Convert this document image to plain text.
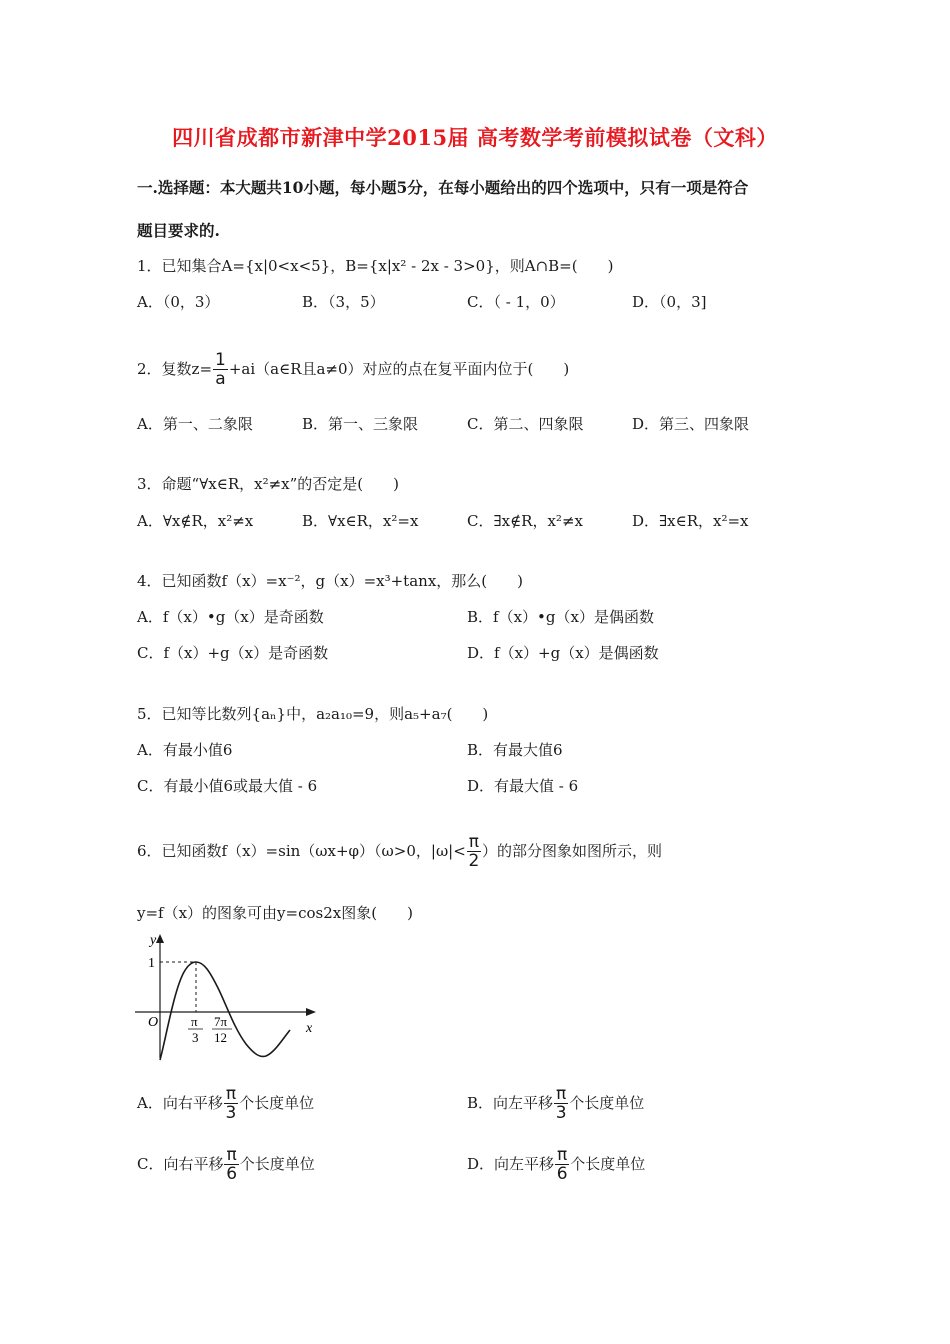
四川省成都市新津中学2015届 高考数学考前模拟试卷（文科）
一.选择题：本大题共10小题，每小题5分，在每小题给出的四个选项中，只有一项是符合
题目要求的.
1．已知集合A={x|0<x<5}，B={x|x² - 2x - 3>0}，则A∩B=(　　)
A．（0，3）	B．（3，5）	C．（ - 1，0）	D．（0，3]
2．复数$z= \frac{1}{a}$ +ai（a∈R且a≠0）对应的点在复平面内位于(　　)
A．第一、二象限	B．第一、三象限	C．第二、四象限	D．第三、四象限
3．命题“∀x∈R，x²≠x”的否定是(　　)
A．∀x∉R，x²≠x	B．∀x∈R，x²=x	C．∃x∉R，x²≠x	D．∃x∈R，x²=x
4．已知函数f（x）=x⁻²，g（x）=x³+tanx，那么(　　)
A．f（x）•g（x）是奇函数	B．f（x）•g（x）是偶函数
C．f（x）+g（x）是奇函数	D．f（x）+g（x）是偶函数
5．已知等比数列{aₙ}中，a₂a₁₀=9，则a₅+a₇(　　)
A．有最小值6	B．有最大值6
C．有最小值6或最大值 - 6	D．有最大值 - 6
6．已知函数f（x）=sin（ωx+φ）（ω>0，$|\omega|< \frac{\pi}{2}$ ）的部分图象如图所示，则
y=f（x）的图象可由y=cos2x图象(　　)
y
x
O
1
π
3
7π
12
A．向右平移 $\frac{\pi}{3}$ 个长度单位	B．向左平移 $\frac{\pi}{3}$ 个长度单位
C．向右平移 $\frac{\pi}{6}$ 个长度单位	D．向左平移 $\frac{\pi}{6}$ 个长度单位
